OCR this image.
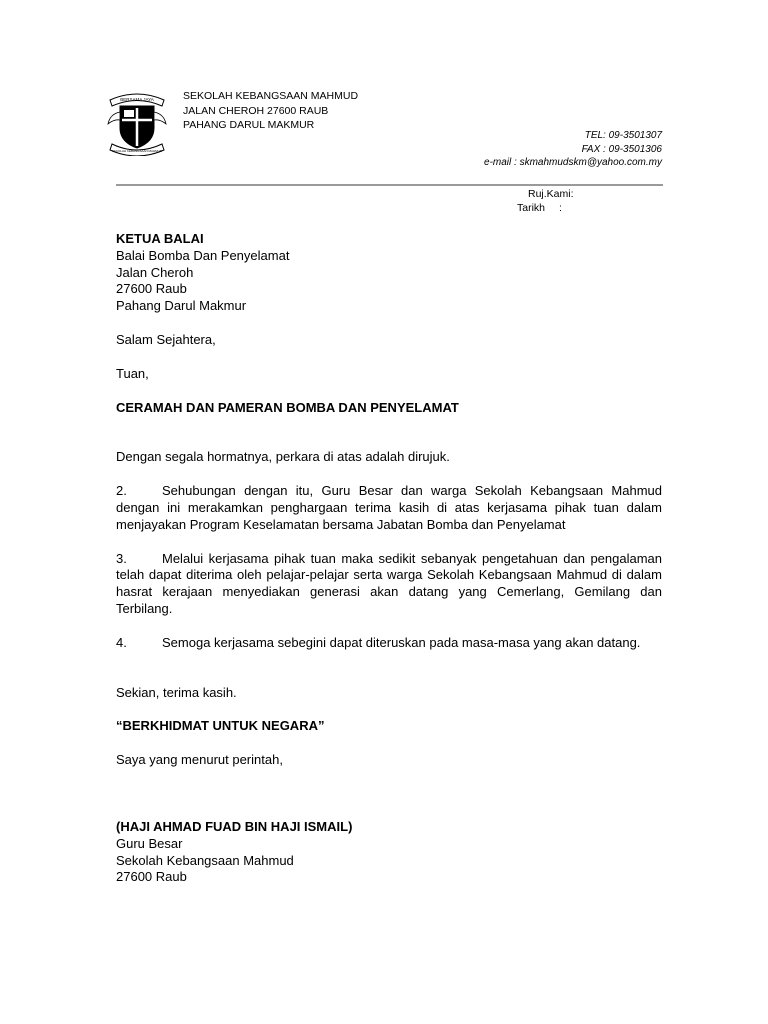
BERSAMA JAYA
SEKOLAH KEBANGSAAN MAHMUD
SEKOLAH KEBANGSAAN MAHMUD
JALAN CHEROH 27600 RAUB
PAHANG DARUL MAKMUR
TEL: 09-3501307
FAX : 09-3501306
e-mail : skmahmudskm@yahoo.com.my
Ruj.Kami:
Tarikh :

KETUA BALAI

Balai Bomba Dan Penyelamat

Jalan Cheroh

27600 Raub

Pahang Darul Makmur

Salam Sejahtera,

Tuan,

CERAMAH DAN PAMERAN BOMBA DAN PENYELAMAT

Dengan segala hormatnya, perkara di atas adalah dirujuk.

2.	Sehubungan dengan itu, Guru Besar dan warga Sekolah Kebangsaan Mahmud dengan ini merakamkan penghargaan terima kasih di atas kerjasama pihak tuan dalam menjayakan Program Keselamatan bersama Jabatan Bomba dan Penyelamat

3.	Melalui kerjasama pihak tuan maka sedikit sebanyak pengetahuan dan pengalaman telah dapat diterima oleh pelajar-pelajar serta warga Sekolah Kebangsaan Mahmud di dalam hasrat kerajaan menyediakan generasi akan datang yang Cemerlang, Gemilang dan Terbilang.

4.	Semoga kerjasama sebegini dapat diteruskan pada masa-masa yang akan datang.

Sekian, terima kasih.

“BERKHIDMAT UNTUK NEGARA”

Saya yang menurut perintah,

(HAJI AHMAD FUAD BIN HAJI ISMAIL)

Guru Besar

Sekolah Kebangsaan Mahmud

27600 Raub
